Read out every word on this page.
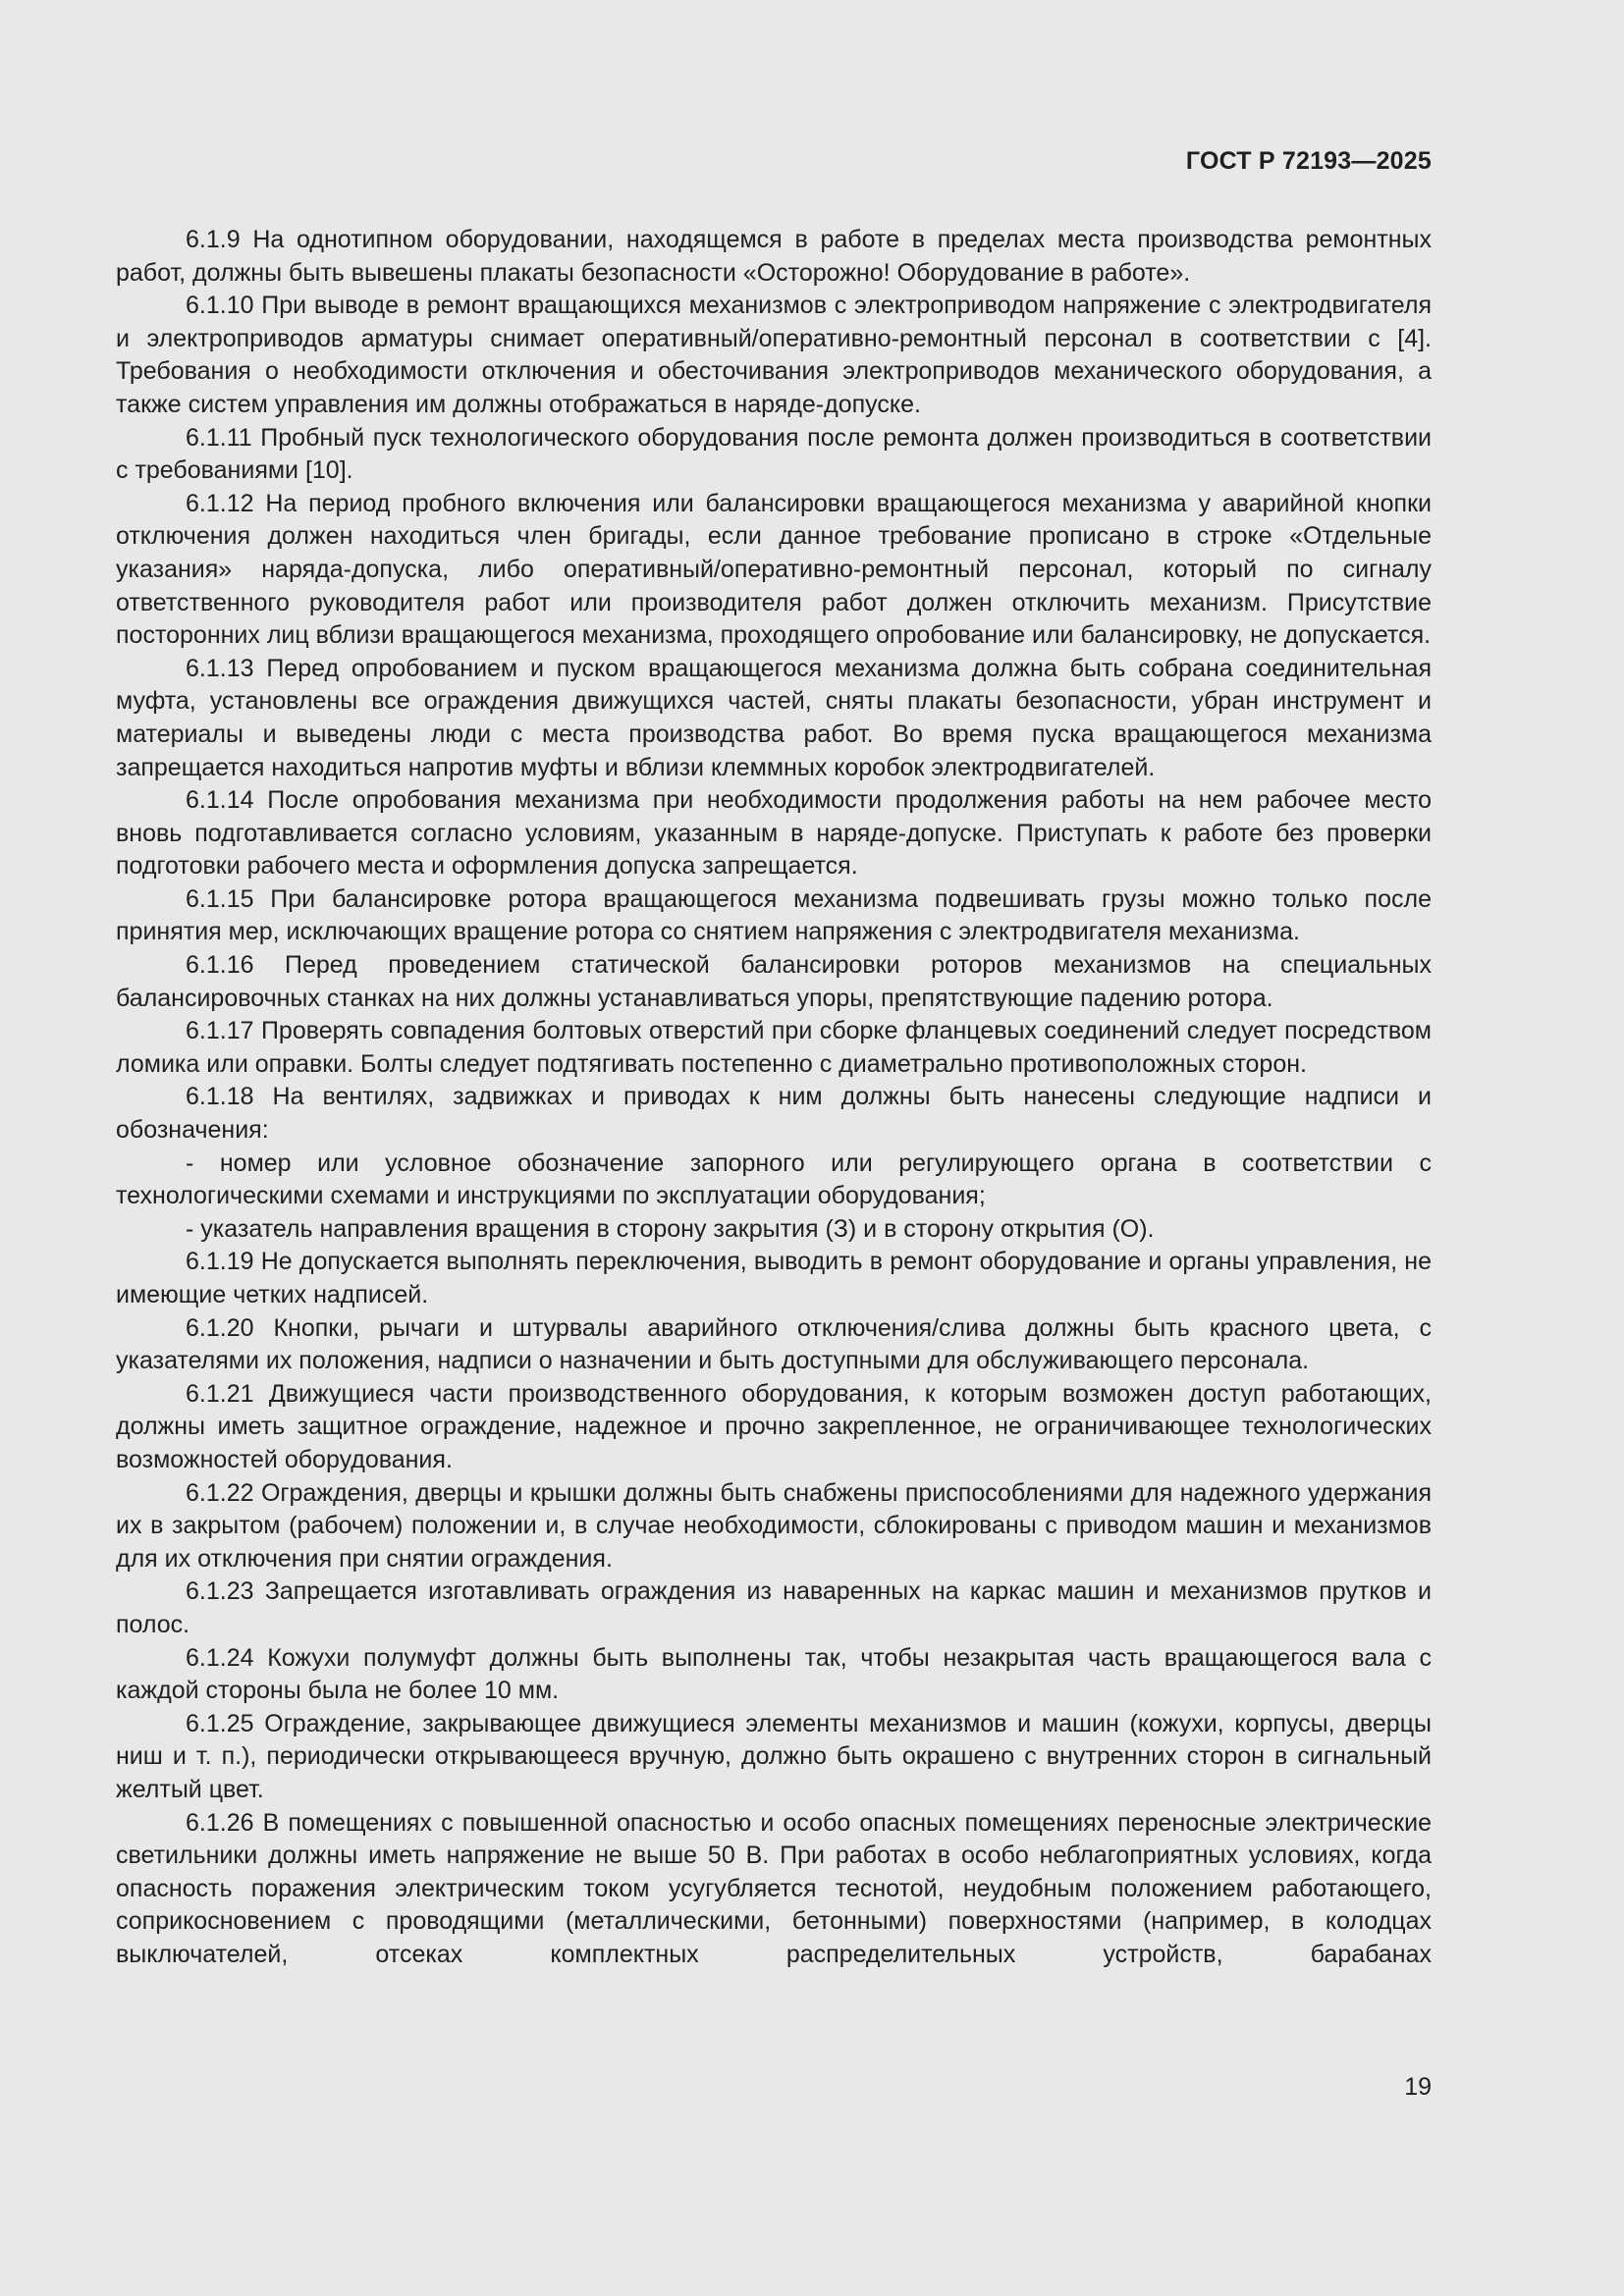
ГОСТ Р 72193—2025

6.1.9 На однотипном оборудовании, находящемся в работе в пределах места производства ремонтных работ, должны быть вывешены плакаты безопасности «Осторожно! Оборудование в работе».

6.1.10 При выводе в ремонт вращающихся механизмов с электроприводом напряжение с электродвигателя и электроприводов арматуры снимает оперативный/оперативно-ремонтный персонал в соответствии с [4]. Требования о необходимости отключения и обесточивания электроприводов механического оборудования, а также систем управления им должны отображаться в наряде-допуске.

6.1.11 Пробный пуск технологического оборудования после ремонта должен производиться в соответствии с требованиями [10].

6.1.12 На период пробного включения или балансировки вращающегося механизма у аварийной кнопки отключения должен находиться член бригады, если данное требование прописано в строке «Отдельные указания» наряда-допуска, либо оперативный/оперативно-ремонтный персонал, который по сигналу ответственного руководителя работ или производителя работ должен отключить механизм. Присутствие посторонних лиц вблизи вращающегося механизма, проходящего опробование или балансировку, не допускается.

6.1.13 Перед опробованием и пуском вращающегося механизма должна быть собрана соединительная муфта, установлены все ограждения движущихся частей, сняты плакаты безопасности, убран инструмент и материалы и выведены люди с места производства работ. Во время пуска вращающегося механизма запрещается находиться напротив муфты и вблизи клеммных коробок электродвигателей.

6.1.14 После опробования механизма при необходимости продолжения работы на нем рабочее место вновь подготавливается согласно условиям, указанным в наряде-допуске. Приступать к работе без проверки подготовки рабочего места и оформления допуска запрещается.

6.1.15 При балансировке ротора вращающегося механизма подвешивать грузы можно только после принятия мер, исключающих вращение ротора со снятием напряжения с электродвигателя механизма.

6.1.16 Перед проведением статической балансировки роторов механизмов на специальных балансировочных станках на них должны устанавливаться упоры, препятствующие падению ротора.

6.1.17 Проверять совпадения болтовых отверстий при сборке фланцевых соединений следует посредством ломика или оправки. Болты следует подтягивать постепенно с диаметрально противоположных сторон.

6.1.18 На вентилях, задвижках и приводах к ним должны быть нанесены следующие надписи и обозначения:

- номер или условное обозначение запорного или регулирующего органа в соответствии с технологическими схемами и инструкциями по эксплуатации оборудования;

- указатель направления вращения в сторону закрытия (З) и в сторону открытия (О).

6.1.19 Не допускается выполнять переключения, выводить в ремонт оборудование и органы управления, не имеющие четких надписей.

6.1.20 Кнопки, рычаги и штурвалы аварийного отключения/слива должны быть красного цвета, с указателями их положения, надписи о назначении и быть доступными для обслуживающего персонала.

6.1.21 Движущиеся части производственного оборудования, к которым возможен доступ работающих, должны иметь защитное ограждение, надежное и прочно закрепленное, не ограничивающее технологических возможностей оборудования.

6.1.22 Ограждения, дверцы и крышки должны быть снабжены приспособлениями для надежного удержания их в закрытом (рабочем) положении и, в случае необходимости, сблокированы с приводом машин и механизмов для их отключения при снятии ограждения.

6.1.23 Запрещается изготавливать ограждения из наваренных на каркас машин и механизмов прутков и полос.

6.1.24 Кожухи полумуфт должны быть выполнены так, чтобы незакрытая часть вращающегося вала с каждой стороны была не более 10 мм.

6.1.25 Ограждение, закрывающее движущиеся элементы механизмов и машин (кожухи, корпусы, дверцы ниш и т. п.), периодически открывающееся вручную, должно быть окрашено с внутренних сторон в сигнальный желтый цвет.

6.1.26 В помещениях с повышенной опасностью и особо опасных помещениях переносные электрические светильники должны иметь напряжение не выше 50 В. При работах в особо неблагоприятных условиях, когда опасность поражения электрическим током усугубляется теснотой, неудобным положением работающего, соприкосновением с проводящими (металлическими, бетонными) поверхностями (например, в колодцах выключателей, отсеках комплектных распределительных устройств, барабанах

19
